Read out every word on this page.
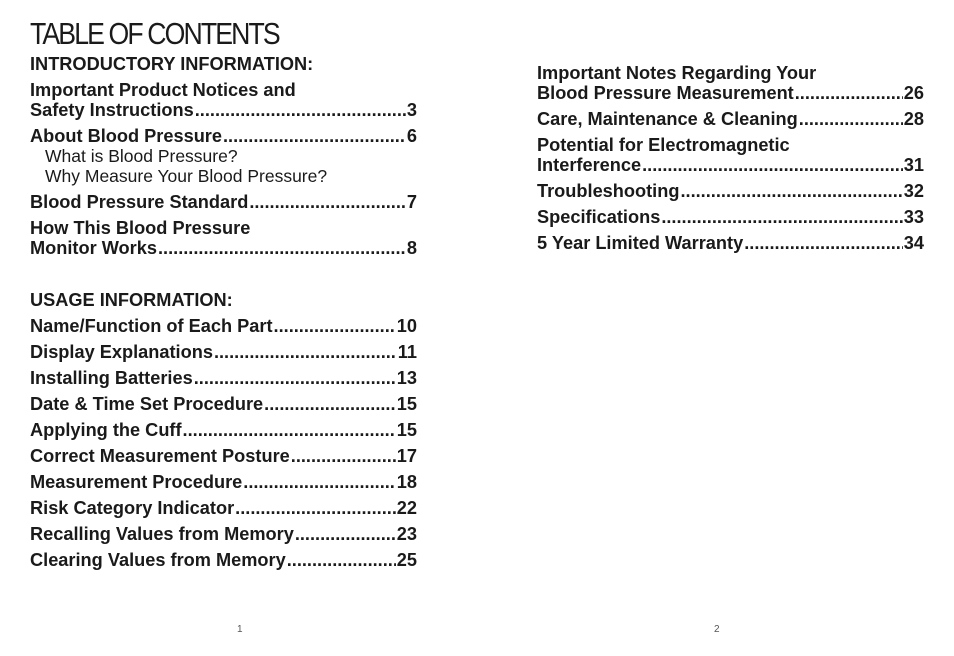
TABLE OF CONTENTS
INTRODUCTORY INFORMATION:
Important Product Notices and
Safety Instructions .....	3
About Blood Pressure .....	6
What is Blood Pressure?
Why Measure Your Blood Pressure?
Blood Pressure Standard .....	7
How This Blood Pressure
Monitor Works .....	8
USAGE INFORMATION:
Name/Function of Each Part .....	10
Display Explanations .....	11
Installing Batteries .....	13
Date & Time Set Procedure .....	15
Applying the Cuff .....	15
Correct Measurement Posture .....	17
Measurement Procedure .....	18
Risk Category Indicator .....	22
Recalling Values from Memory .....	23
Clearing Values from Memory .....	25
Important Notes Regarding Your
Blood Pressure Measurement .....	26
Care, Maintenance & Cleaning .....	28
Potential for Electromagnetic
Interference .....	31
Troubleshooting .....	32
Specifications .....	33
5 Year Limited Warranty .....	34
1	2
